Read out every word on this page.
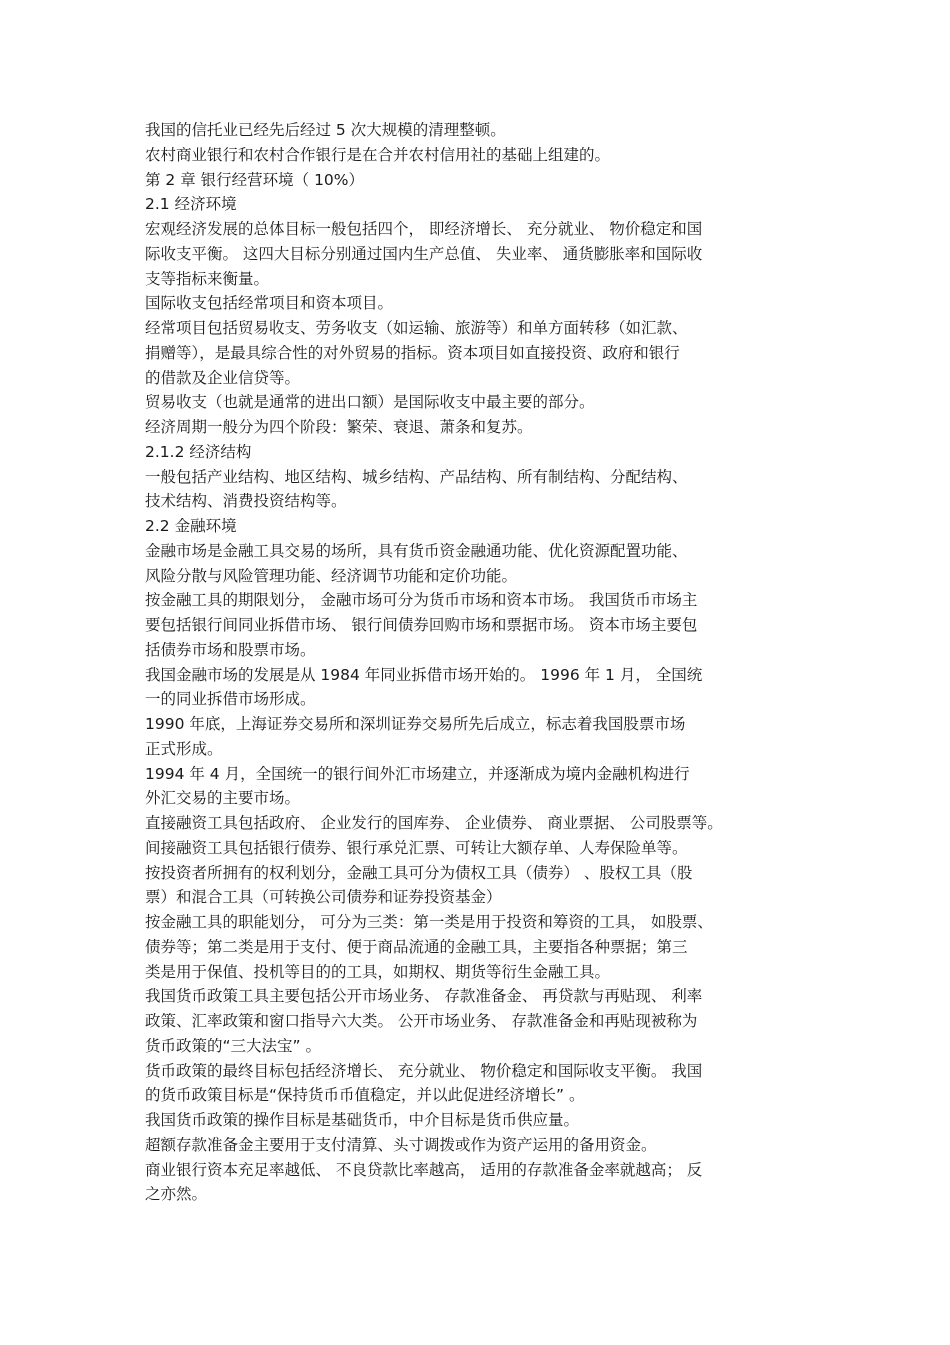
我国的信托业已经先后经过 5 次大规模的清理整顿。
农村商业银行和农村合作银行是在合并农村信用社的基础上组建的。
第 2 章 银行经营环境（ 10%）
2.1 经济环境
宏观经济发展的总体目标一般包括四个， 即经济增长、 充分就业、 物价稳定和国
际收支平衡。 这四大目标分别通过国内生产总值、 失业率、 通货膨胀率和国际收
支等指标来衡量。
国际收支包括经常项目和资本项目。
经常项目包括贸易收支、劳务收支（如运输、旅游等）和单方面转移（如汇款、
捐赠等），是最具综合性的对外贸易的指标。资本项目如直接投资、政府和银行
的借款及企业信贷等。
贸易收支（也就是通常的进出口额）是国际收支中最主要的部分。
经济周期一般分为四个阶段：繁荣、衰退、萧条和复苏。
2.1.2 经济结构
一般包括产业结构、地区结构、城乡结构、产品结构、所有制结构、分配结构、
技术结构、消费投资结构等。
2.2 金融环境
金融市场是金融工具交易的场所，具有货币资金融通功能、优化资源配置功能、
风险分散与风险管理功能、经济调节功能和定价功能。
按金融工具的期限划分， 金融市场可分为货币市场和资本市场。 我国货币市场主
要包括银行间同业拆借市场、 银行间债券回购市场和票据市场。 资本市场主要包
括债券市场和股票市场。
我国金融市场的发展是从 1984 年同业拆借市场开始的。 1996 年 1 月， 全国统
一的同业拆借市场形成。
1990 年底，上海证券交易所和深圳证券交易所先后成立，标志着我国股票市场
正式形成。
1994 年 4 月，全国统一的银行间外汇市场建立，并逐渐成为境内金融机构进行
外汇交易的主要市场。
直接融资工具包括政府、 企业发行的国库券、 企业债券、 商业票据、 公司股票等。
间接融资工具包括银行债券、银行承兑汇票、可转让大额存单、人寿保险单等。
按投资者所拥有的权利划分，金融工具可分为债权工具（债券） 、股权工具（股
票）和混合工具（可转换公司债券和证券投资基金）
按金融工具的职能划分， 可分为三类：第一类是用于投资和筹资的工具， 如股票、
债券等；第二类是用于支付、便于商品流通的金融工具，主要指各种票据；第三
类是用于保值、投机等目的的工具，如期权、期货等衍生金融工具。
我国货币政策工具主要包括公开市场业务、 存款准备金、 再贷款与再贴现、 利率
政策、汇率政策和窗口指导六大类。 公开市场业务、 存款准备金和再贴现被称为
货币政策的“三大法宝” 。
货币政策的最终目标包括经济增长、 充分就业、 物价稳定和国际收支平衡。 我国
的货币政策目标是“保持货币币值稳定，并以此促进经济增长” 。
我国货币政策的操作目标是基础货币，中介目标是货币供应量。
超额存款准备金主要用于支付清算、头寸调拨或作为资产运用的备用资金。
商业银行资本充足率越低、 不良贷款比率越高， 适用的存款准备金率就越高； 反
之亦然。
